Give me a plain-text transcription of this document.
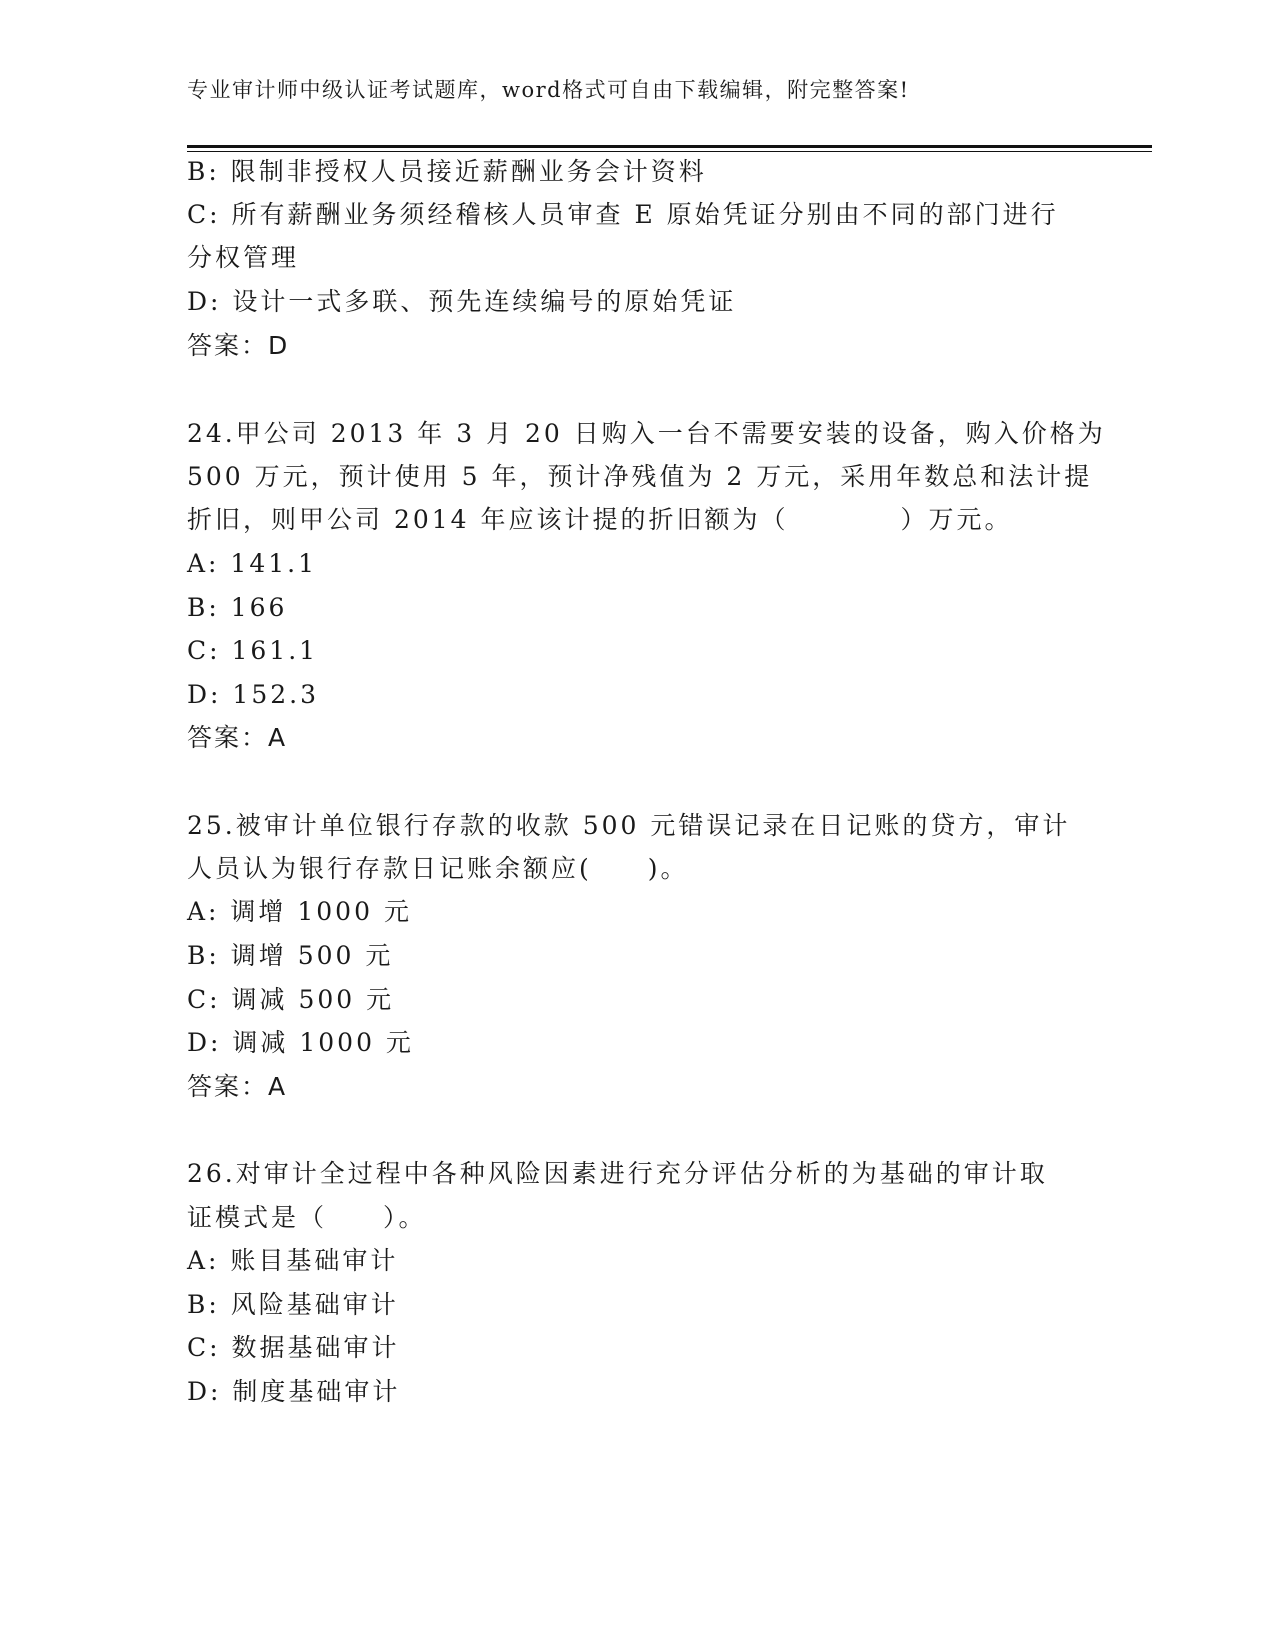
专业审计师中级认证考试题库，word格式可自由下载编辑，附完整答案!
B: 限制非授权人员接近薪酬业务会计资料
C: 所有薪酬业务须经稽核人员审查 E 原始凭证分别由不同的部门进行
分权管理
D: 设计一式多联、预先连续编号的原始凭证
答案：D
24.甲公司 2013 年 3 月 20 日购入一台不需要安装的设备，购入价格为
500 万元，预计使用 5 年，预计净残值为 2 万元，采用年数总和法计提
折旧，则甲公司 2014 年应该计提的折旧额为（　　　　）万元。
A: 141.1
B: 166
C: 161.1
D: 152.3
答案：A
25.被审计单位银行存款的收款 500 元错误记录在日记账的贷方，审计
人员认为银行存款日记账余额应(　　)。
A: 调增 1000 元
B: 调增 500 元
C: 调减 500 元
D: 调减 1000 元
答案：A
26.对审计全过程中各种风险因素进行充分评估分析的为基础的审计取
证模式是（　　）。
A: 账目基础审计
B: 风险基础审计
C: 数据基础审计
D: 制度基础审计
